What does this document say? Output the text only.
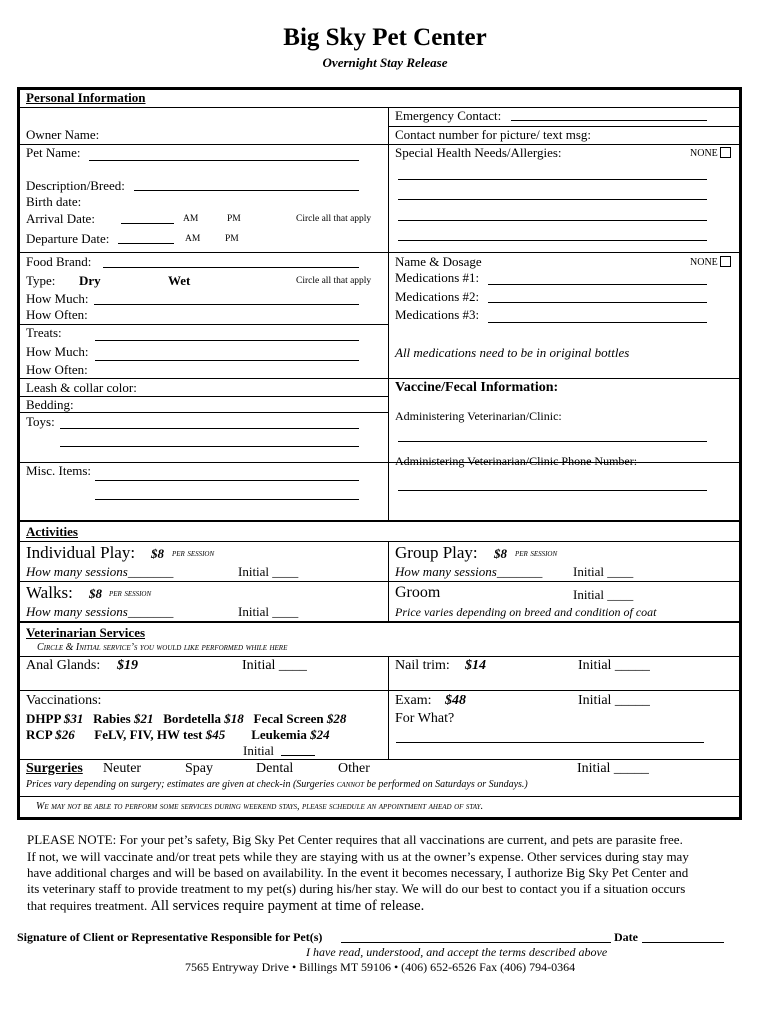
Big Sky Pet Center
Overnight Stay Release
Personal Information
Owner Name:
Pet Name:
Description/Breed:
Birth date:
Arrival Date:	AM	PM	Circle all that apply
Departure Date:	AM	PM
Emergency Contact:
Contact number for picture/ text msg:
Special Health Needs/Allergies:	NONE
Food Brand:
Type: Dry	Wet	Circle all that apply
How Much:
How Often:
Treats:
How Much:
How Often:
Leash & collar color:
Bedding:
Toys:
Misc. Items:
Name & Dosage	NONE
Medications #1:
Medications #2:
Medications #3:
All medications need to be in original bottles
Vaccine/Fecal Information:
Administering Veterinarian/Clinic:
Administering Veterinarian/Clinic Phone Number:
Activities
Individual Play: $8 per session
How many sessions_______	Initial ____
Group Play: $8 per session
How many sessions_______ Initial ____
Walks: $8 per session
How many sessions_______	Initial ____
Groom	Initial ____
Price varies depending on breed and condition of coat
Veterinarian Services
Circle & Initial service’s you would like performed while here
Anal Glands: $19	Initial ____	Nail trim: $14	Initial _____
Vaccinations:
DHPP $31 Rabies $21 Bordetella $18 Fecal Screen $28
RCP $26 FeLV, FIV, HW test $45 Leukemia $24
Initial
Exam: $48	Initial _____
For What?
Surgeries Neuter	Spay	Dental	Other	Initial _____
Prices vary depending on surgery; estimates are given at check-in (Surgeries cannot be performed on Saturdays or Sundays.)
We may not be able to perform some services during weekend stays, please schedule an appointment ahead of stay.
PLEASE NOTE: For your pet’s safety, Big Sky Pet Center requires that all vaccinations are current, and pets are parasite free.
If not, we will vaccinate and/or treat pets while they are staying with us at the owner’s expense. Other services during stay may
have additional charges and will be based on availability. In the event it becomes necessary, I authorize Big Sky Pet Center and
its veterinary staff to provide treatment to my pet(s) during his/her stay. We will do our best to contact you if a situation occurs
that requires treatment. All services require payment at time of release.
Signature of Client or Representative Responsible for Pet(s)	Date
I have read, understood, and accept the terms described above
7565 Entryway Drive • Billings MT 59106 • (406) 652-6526 Fax (406) 794-0364
